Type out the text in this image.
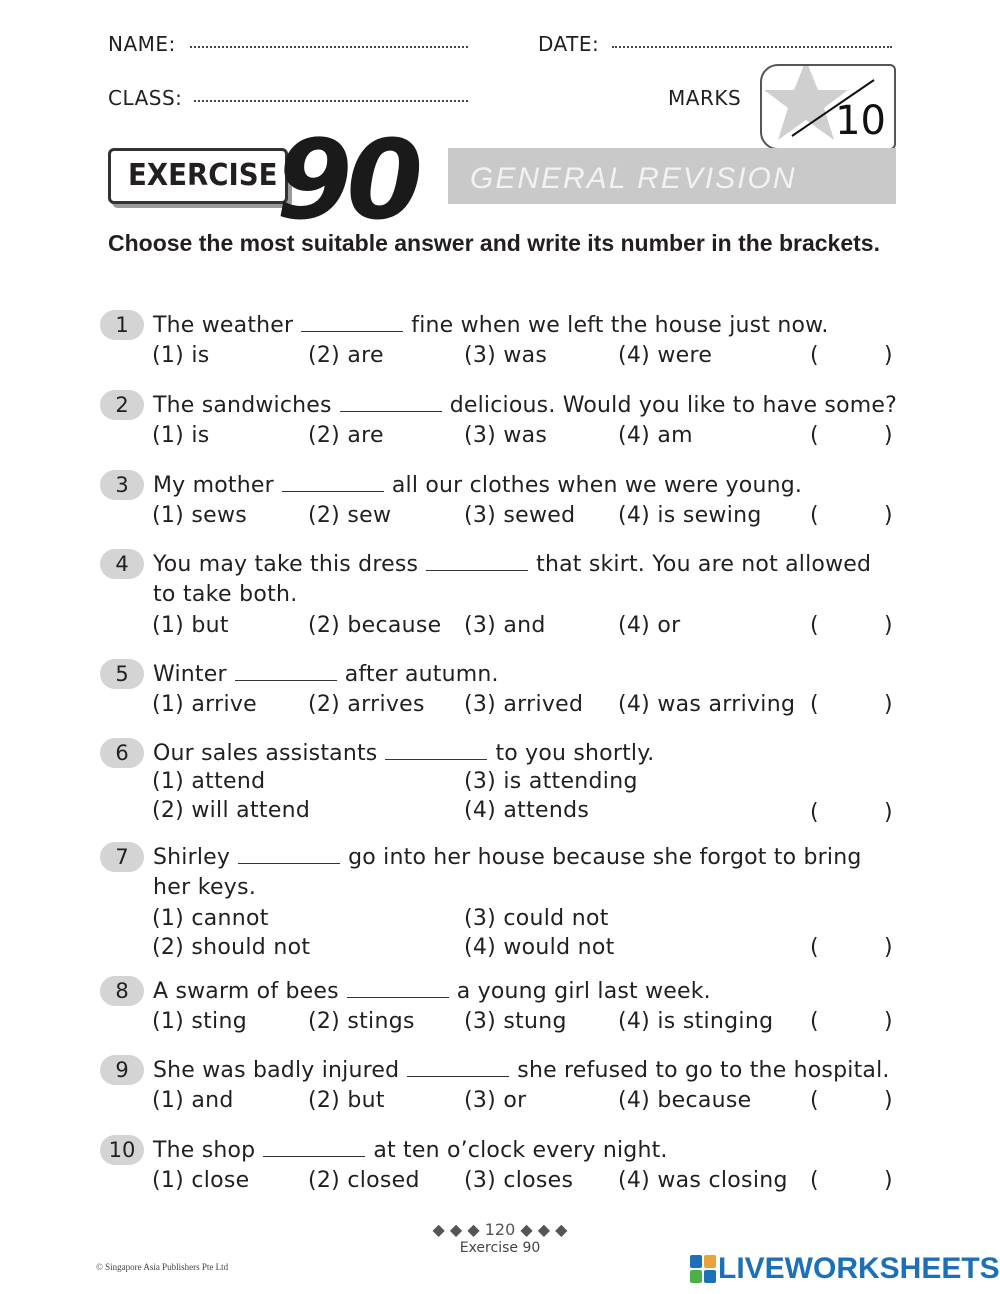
NAME:	DATE:
CLASS:	MARKS 10
EXERCISE
90 GENERAL REVISION
Choose the most suitable answer and write its number in the brackets.
1	The weather	fine when we left the house just now.
(1) is	(2) are	(3) was	(4) were	(	)
2	The sandwiches	delicious. Would you like to have some?
(1) is	(2) are	(3) was	(4) am	(	)
3	My mother	all our clothes when we were young.
(1) sews	(2) sew	(3) sewed (4) is sewing (	)
4	You may take this dress	that skirt. You are not allowed
to take both.
(1) but	(2) because (3) and	(4) or	(	)
5	Winter	after autumn.
(1) arrive (2) arrives (3) arrived (4) was arriving (	)
6	Our sales assistants	to you shortly.
(1) attend	(3) is attending
(2) will attend	(4) attends	(	)
7	Shirley	go into her house because she forgot to bring
her keys.
(1) cannot	(3) could not
(2) should not	(4) would not	(	)
8	A swarm of bees	a young girl last week.
(1) sting	(2) stings (3) stung (4) is stinging (	)
9	She was badly injured	she refused to go to the hospital.
(1) and	(2) but	(3) or	(4) because	(	)
10 The shop	at ten o’clock every night.
(1) close	(2) closed (3) closes (4) was closing (	)
◆ ◆ ◆ 120 ◆ ◆ ◆
Exercise 90
© Singapore Asia Publishers Pte Ltd	LIVEWORKSHEETS
